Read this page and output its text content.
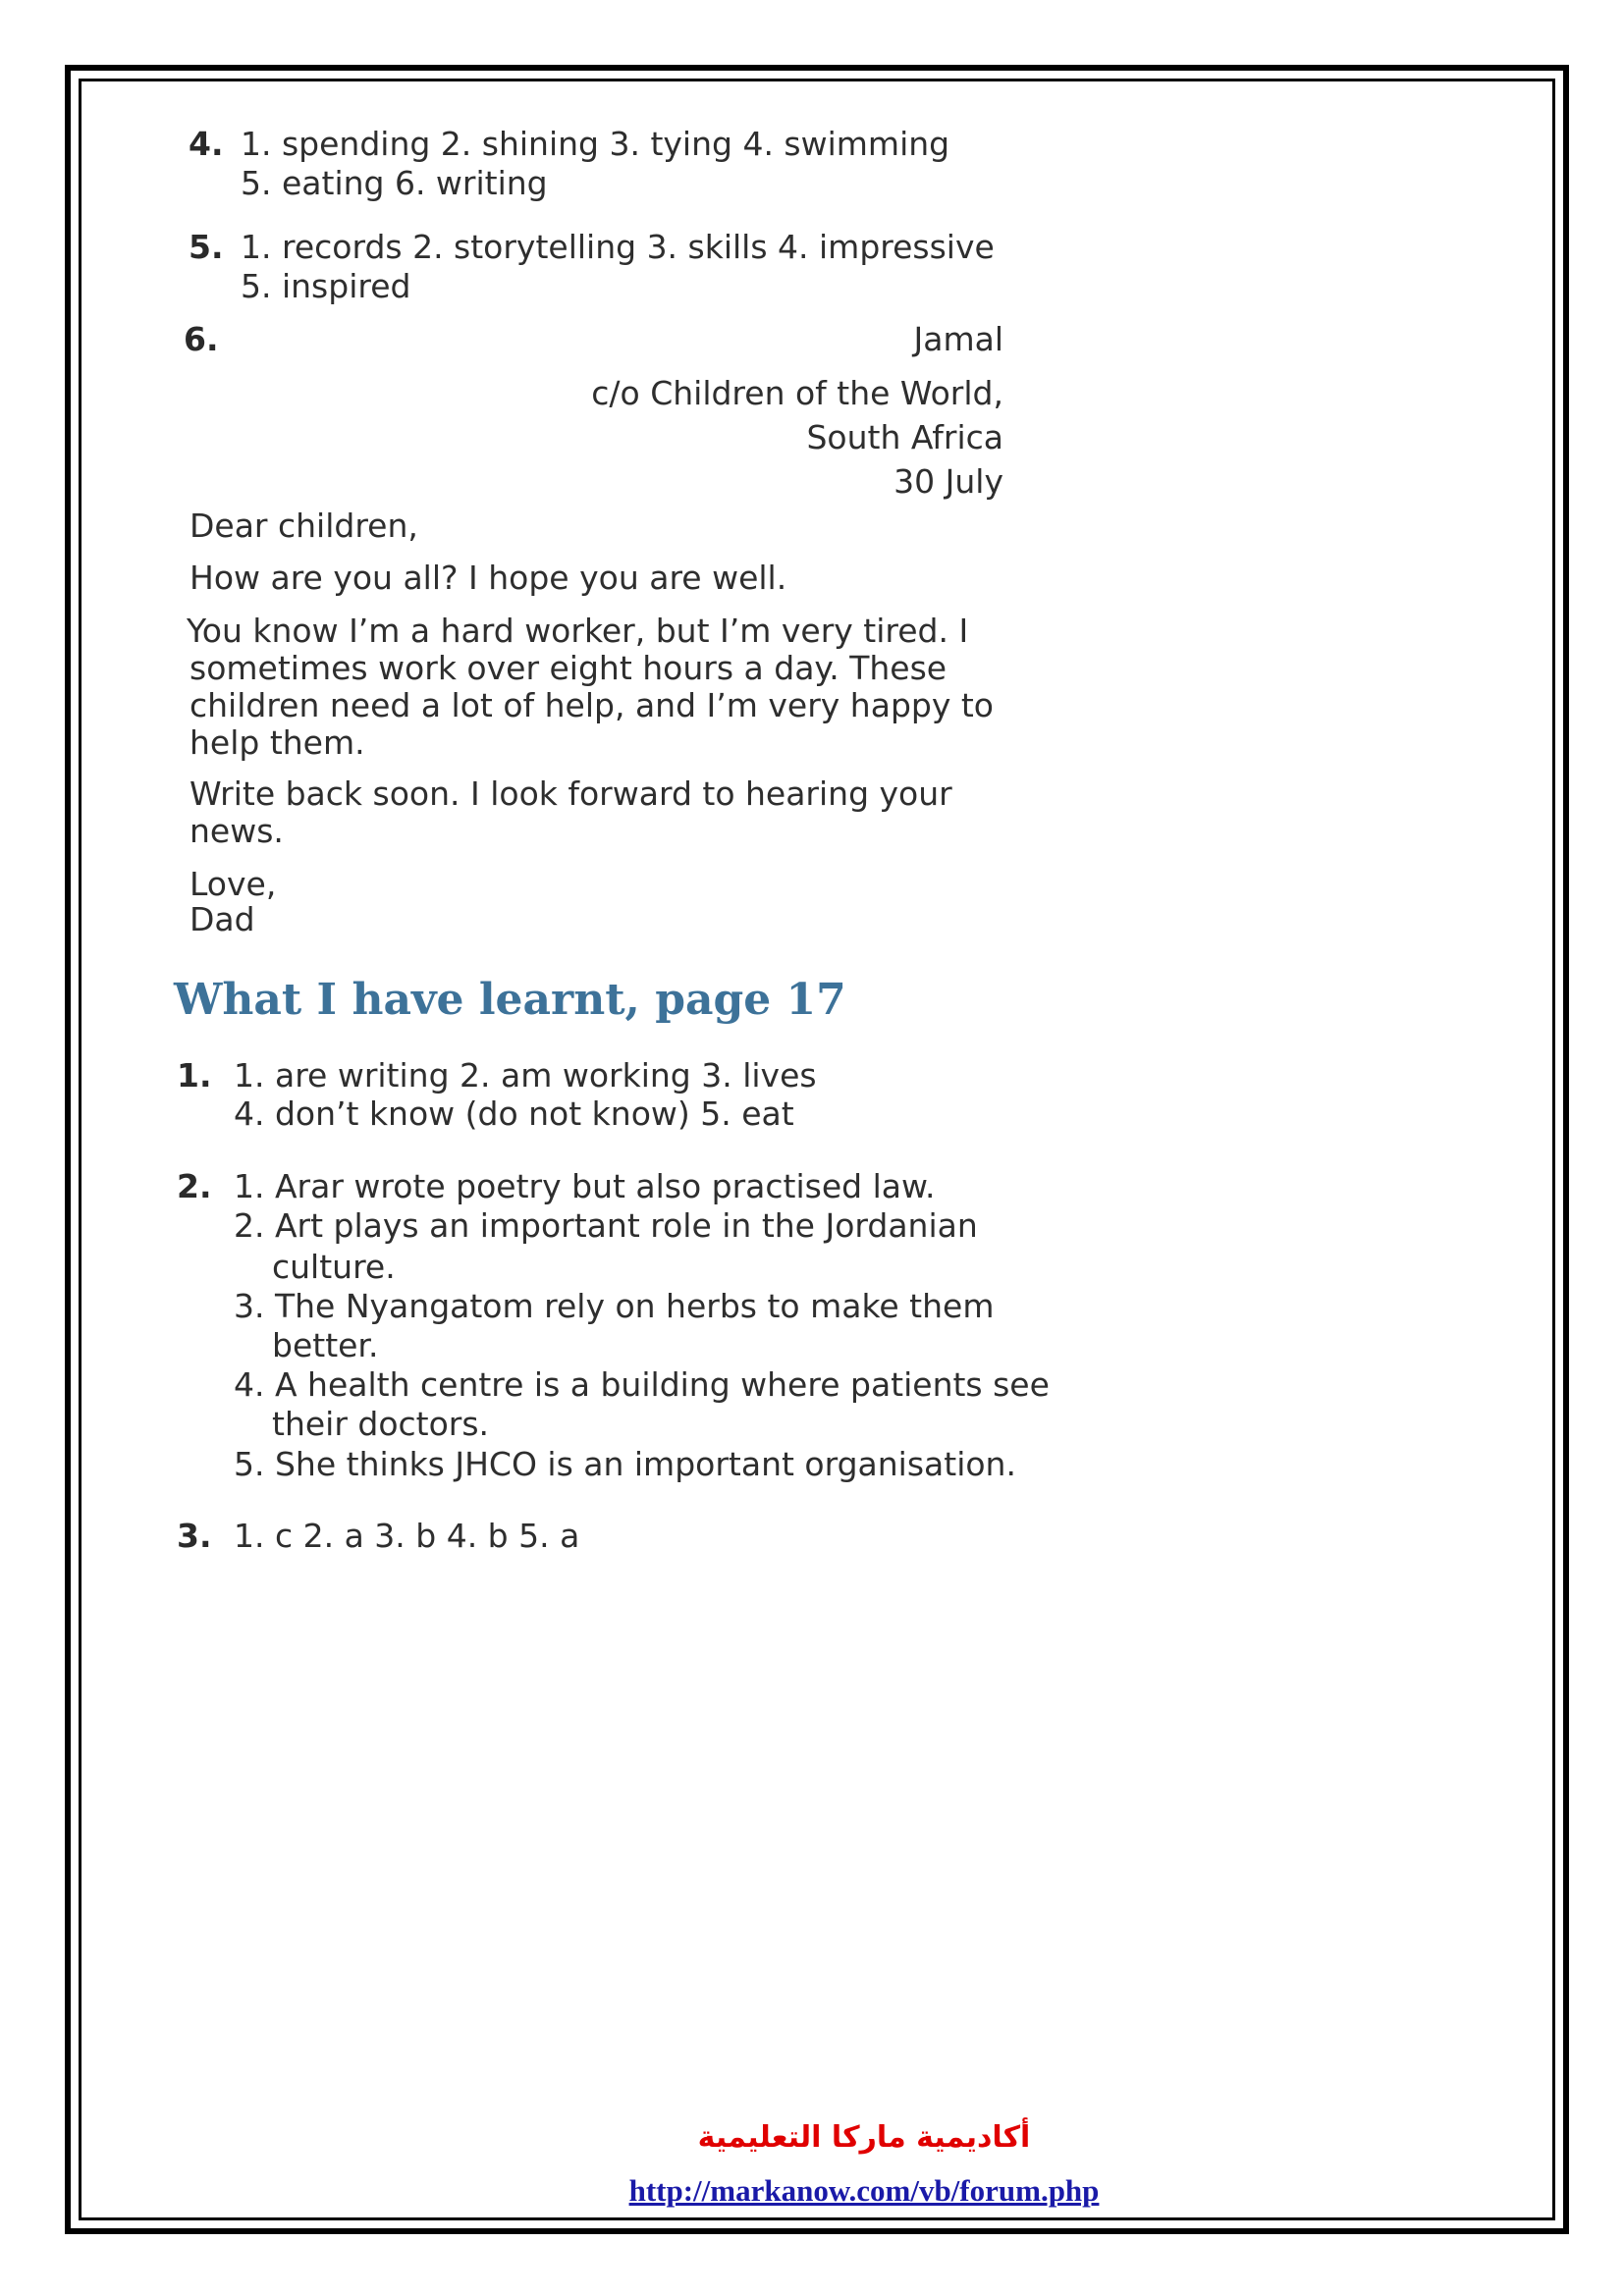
4. 1. spending 2. shining 3. tying 4. swimming
5. eating 6. writing
5. 1. records 2. storytelling 3. skills 4. impressive
5. inspired
6.	Jamal
c/o Children of the World,
South Africa
30 July
Dear children,
How are you all? I hope you are well.
You know I’m a hard worker, but I’m very tired. I
sometimes work over eight hours a day. These
children need a lot of help, and I’m very happy to
help them.
Write back soon. I look forward to hearing your
news.
Love,
Dad
What I have learnt, page 17
1. 1. are writing 2. am working 3. lives
4. don’t know (do not know) 5. eat
2. 1. Arar wrote poetry but also practised law.
2. Art plays an important role in the Jordanian
culture.
3. The Nyangatom rely on herbs to make them
better.
4. A health centre is a building where patients see
their doctors.
5. She thinks JHCO is an important organisation.
3. 1. c 2. a 3. b 4. b 5. a
أكاديمية ماركا التعليمية
http://markanow.com/vb/forum.php
